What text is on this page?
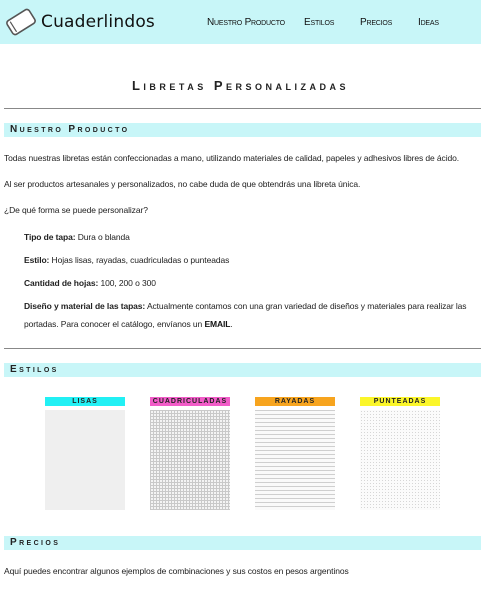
Cuaderlindos	Nuestro Producto Estilos	Precios	Ideas
Libretas Personalizadas
Nuestro Producto

Todas nuestras libretas están confeccionadas a mano, utilizando materiales de calidad, papeles y adhesivos libres de ácido.

Al ser productos artesanales y personalizados, no cabe duda de que obtendrás una libreta única.

¿De qué forma se puede personalizar?

Tipo de tapa: Dura o blanda
Estilo: Hojas lisas, rayadas, cuadriculadas o punteadas
Cantidad de hojas: 100, 200 o 300
Diseño y material de las tapas: Actualmente contamos con una gran variedad de diseños y materiales para realizar las portadas. Para conocer el catálogo, envíanos un EMAIL.
Estilos
LISAS	CUADRICULADAS	RAYADAS	PUNTEADAS
Precios

Aquí puedes encontrar algunos ejemplos de combinaciones y sus costos en pesos argentinos
